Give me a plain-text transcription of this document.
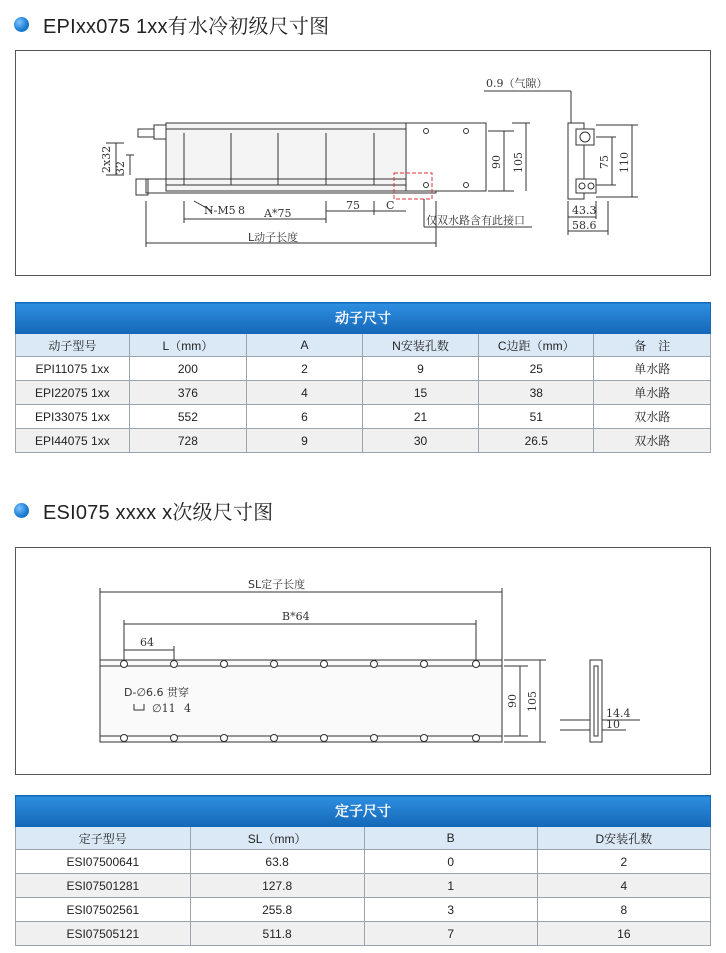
EPIxx075 1xx有水冷初级尺寸图
0.9（气隙）
2x32 32	90 105	75 110
43.3
58.6
N-M5 8 A*75
75 C
仅双水路含有此接口
L动子长度
动子尺寸					
动子型号	L（mm）	A	N安装孔数	C边距（mm）	备　注
EPI11075 1xx	200	2	9	25	单水路
EPI22075 1xx	376	4	15	38	单水路
EPI33075 1xx	552	6	21	51	双水路
EPI44075 1xx	728	9	30	26.5	双水路
ESI075 xxxx x次级尺寸图
SL定子长度
B*64
64
D-∅6.6 贯穿
∅11 4
90 105
14.4
10
定子尺寸			
定子型号	SL（mm）	B	D安装孔数
ESI07500641	63.8	0	2
ESI07501281	127.8	1	4
ESI07502561	255.8	3	8
ESI07505121	511.8	7	16
